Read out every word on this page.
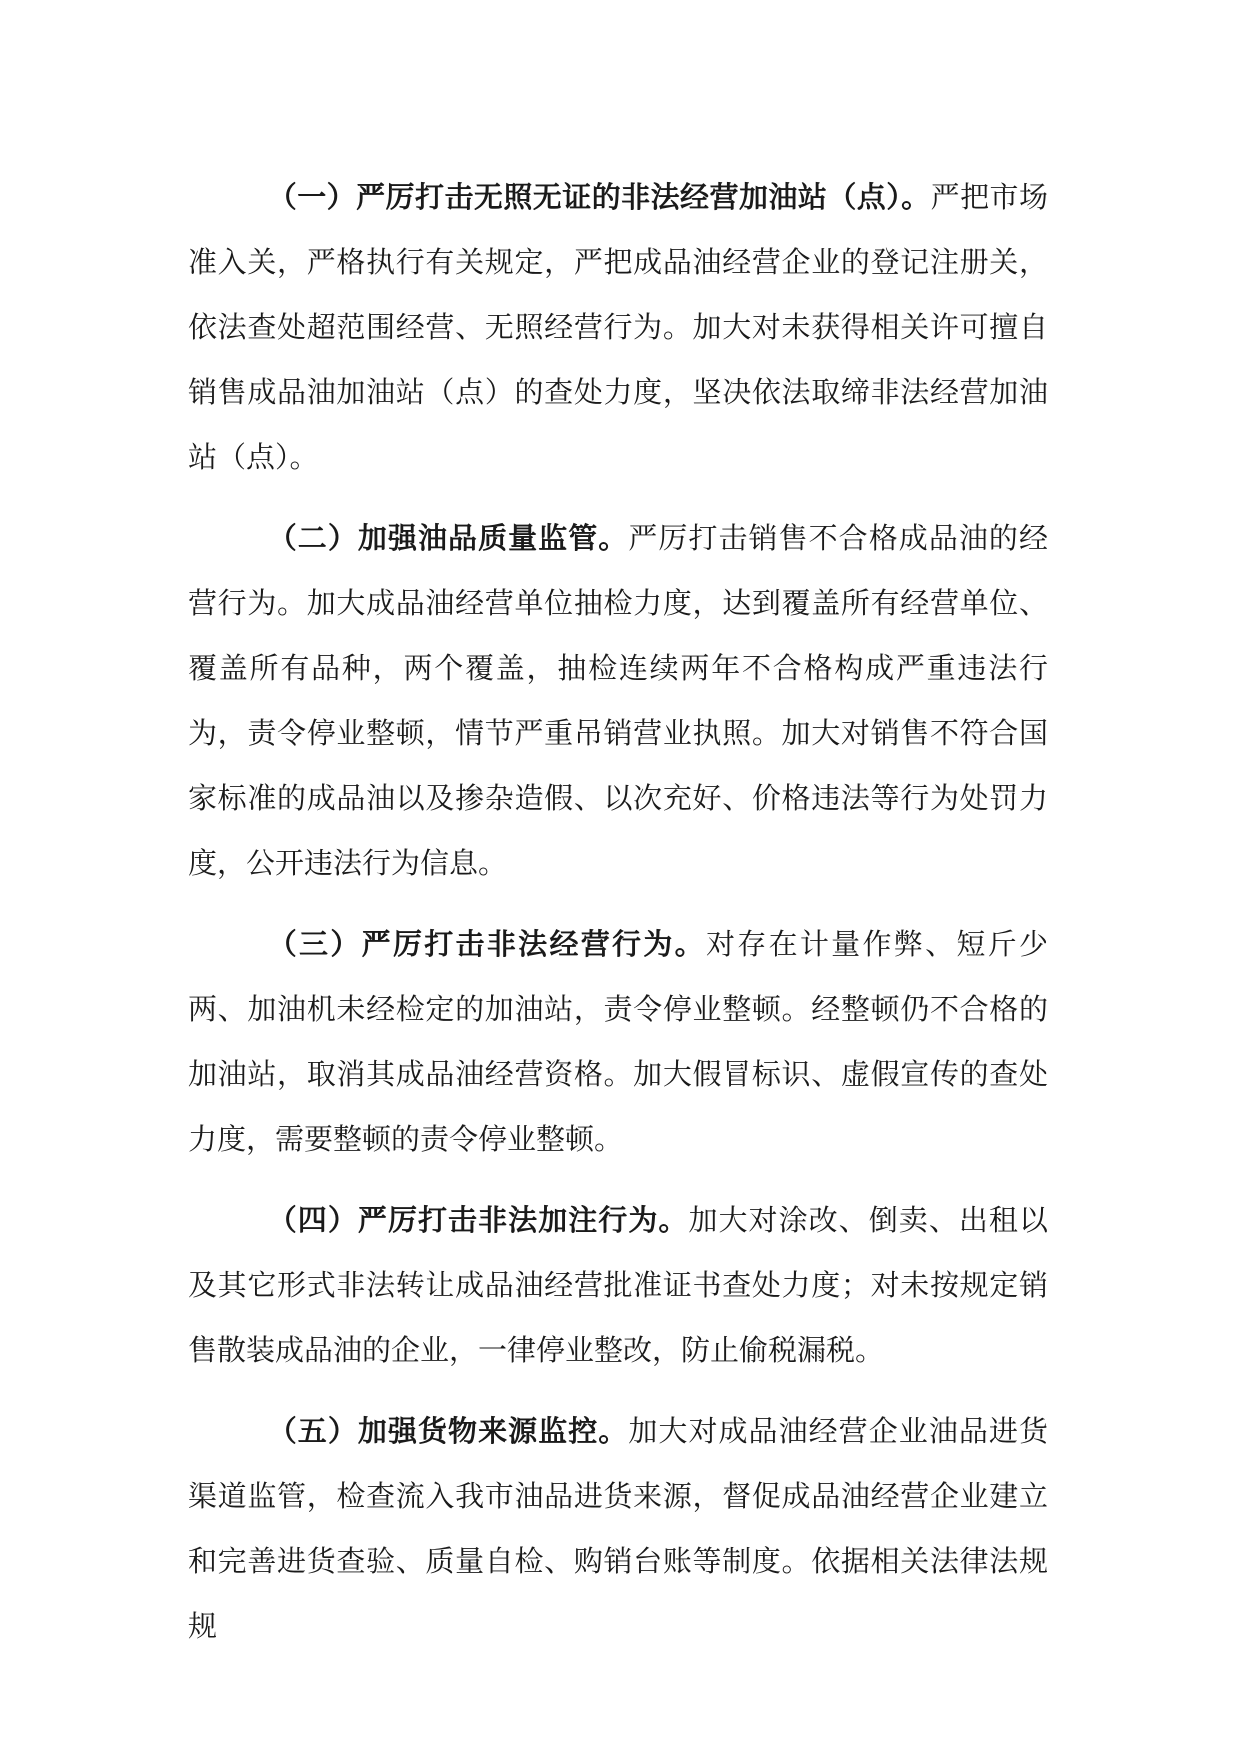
（一）严厉打击无照无证的非法经营加油站（点）。严把市场准入关，严格执行有关规定，严把成品油经营企业的登记注册关，依法查处超范围经营、无照经营行为。加大对未获得相关许可擅自销售成品油加油站（点）的查处力度，坚决依法取缔非法经营加油站（点）。

（二）加强油品质量监管。严厉打击销售不合格成品油的经营行为。加大成品油经营单位抽检力度，达到覆盖所有经营单位、覆盖所有品种，两个覆盖，抽检连续两年不合格构成严重违法行为，责令停业整顿，情节严重吊销营业执照。加大对销售不符合国家标准的成品油以及掺杂造假、以次充好、价格违法等行为处罚力度，公开违法行为信息。

（三）严厉打击非法经营行为。对存在计量作弊、短斤少两、加油机未经检定的加油站，责令停业整顿。经整顿仍不合格的加油站，取消其成品油经营资格。加大假冒标识、虚假宣传的查处力度，需要整顿的责令停业整顿。

（四）严厉打击非法加注行为。加大对涂改、倒卖、出租以及其它形式非法转让成品油经营批准证书查处力度；对未按规定销售散装成品油的企业，一律停业整改，防止偷税漏税。

（五）加强货物来源监控。加大对成品油经营企业油品进货渠道监管，检查流入我市油品进货来源，督促成品油经营企业建立和完善进货查验、质量自检、购销台账等制度。依据相关法律法规规
